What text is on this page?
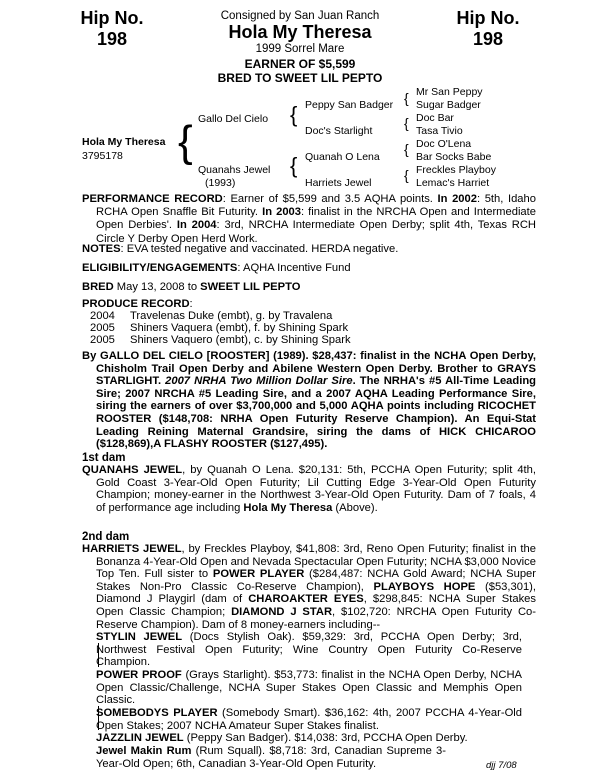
Hip No.
198
Hip No.
198
Consigned by San Juan Ranch
Hola My Theresa
1999 Sorrel Mare
EARNER OF $5,599
BRED TO SWEET LIL PEPTO
Hola My Theresa
3795178 { Gallo Del Cielo
Quanahs Jewel
(1993)
{
{
Peppy San Badger
Doc's Starlight
Quanah O Lena
Harriets Jewel
{
{
{
{
Mr San Peppy
Sugar Badger
Doc Bar
Tasa Tivio
Doc O'Lena
Bar Socks Babe
Freckles Playboy
Lemac's Harriet
PERFORMANCE RECORD: Earner of $5,599 and 3.5 AQHA points. In 2002: 5th, Idaho RCHA Open Snaffle Bit Futurity. In 2003: finalist in the NRCHA Open and Intermediate Open Derbies'. In 2004: 3rd, NRCHA Intermediate Open Derby; split 4th, Texas RCH Circle Y Derby Open Herd Work.
NOTES: EVA tested negative and vaccinated. HERDA negative.
ELIGIBILITY/ENGAGEMENTS: AQHA Incentive Fund
BRED May 13, 2008 to SWEET LIL PEPTO
PRODUCE RECORD:
2004 Travelenas Duke (embt), g. by Travalena
2005 Shiners Vaquera (embt), f. by Shining Spark
2005 Shiners Vaquero (embt), c. by Shining Spark
By GALLO DEL CIELO [ROOSTER] (1989). $28,437: finalist in the NCHA Open Derby, Chisholm Trail Open Derby and Abilene Western Open Derby. Brother to GRAYS STARLIGHT. 2007 NRHA Two Million Dollar Sire. The NRHA's #5 All-Time Leading Sire; 2007 NRCHA #5 Leading Sire, and a 2007 AQHA Leading Performance Sire, siring the earners of over $3,700,000 and 5,000 AQHA points including RICOCHET ROOSTER ($148,708: NRHA Open Futurity Reserve Champion). An Equi-Stat Leading Reining Maternal Grandsire, siring the dams of HICK CHICAROO ($128,869),A FLASHY ROOSTER ($127,495).
1st dam
QUANAHS JEWEL, by Quanah O Lena. $20,131: 5th, PCCHA Open Futurity; split 4th, Gold Coast 3-Year-Old Open Futurity; Lil Cutting Edge 3-Year-Old Open Futurity Champion; money-earner in the Northwest 3-Year-Old Open Futurity. Dam of 7 foals, 4 of performance age including Hola My Theresa (Above).
2nd dam
HARRIETS JEWEL, by Freckles Playboy, $41,808: 3rd, Reno Open Futurity; finalist in the Bonanza 4-Year-Old Open and Nevada Spectacular Open Futurity; NCHA $3,000 Novice Top Ten. Full sister to POWER PLAYER ($284,487: NCHA Gold Award; NCHA Super Stakes Non-Pro Classic Co-Reserve Champion), PLAYBOYS HOPE ($53,301), Diamond J Playgirl (dam of CHAROAKTER EYES, $298,845: NCHA Super Stakes Open Classic Champion; DIAMOND J STAR, $102,720: NRCHA Open Futurity Co-Reserve Champion). Dam of 8 money-earners including--
STYLIN JEWEL (Docs Stylish Oak). $59,329: 3rd, PCCHA Open Derby; 3rd, Northwest Festival Open Futurity; Wine Country Open Futurity Co-Reserve Champion.
POWER PROOF (Grays Starlight). $53,773: finalist in the NCHA Open Derby, NCHA Open Classic/Challenge, NCHA Super Stakes Open Classic and Memphis Open Classic.
SOMEBODYS PLAYER (Somebody Smart). $36,162: 4th, 2007 PCCHA 4-Year-Old Open Stakes; 2007 NCHA Amateur Super Stakes finalist.
JAZZLIN JEWEL (Peppy San Badger). $14,038: 3rd, PCCHA Open Derby.
Jewel Makin Rum (Rum Squall). $8,718: 3rd, Canadian Supreme 3-Year-Old Open; 6th, Canadian 3-Year-Old Open Futurity.	djj 7/08
